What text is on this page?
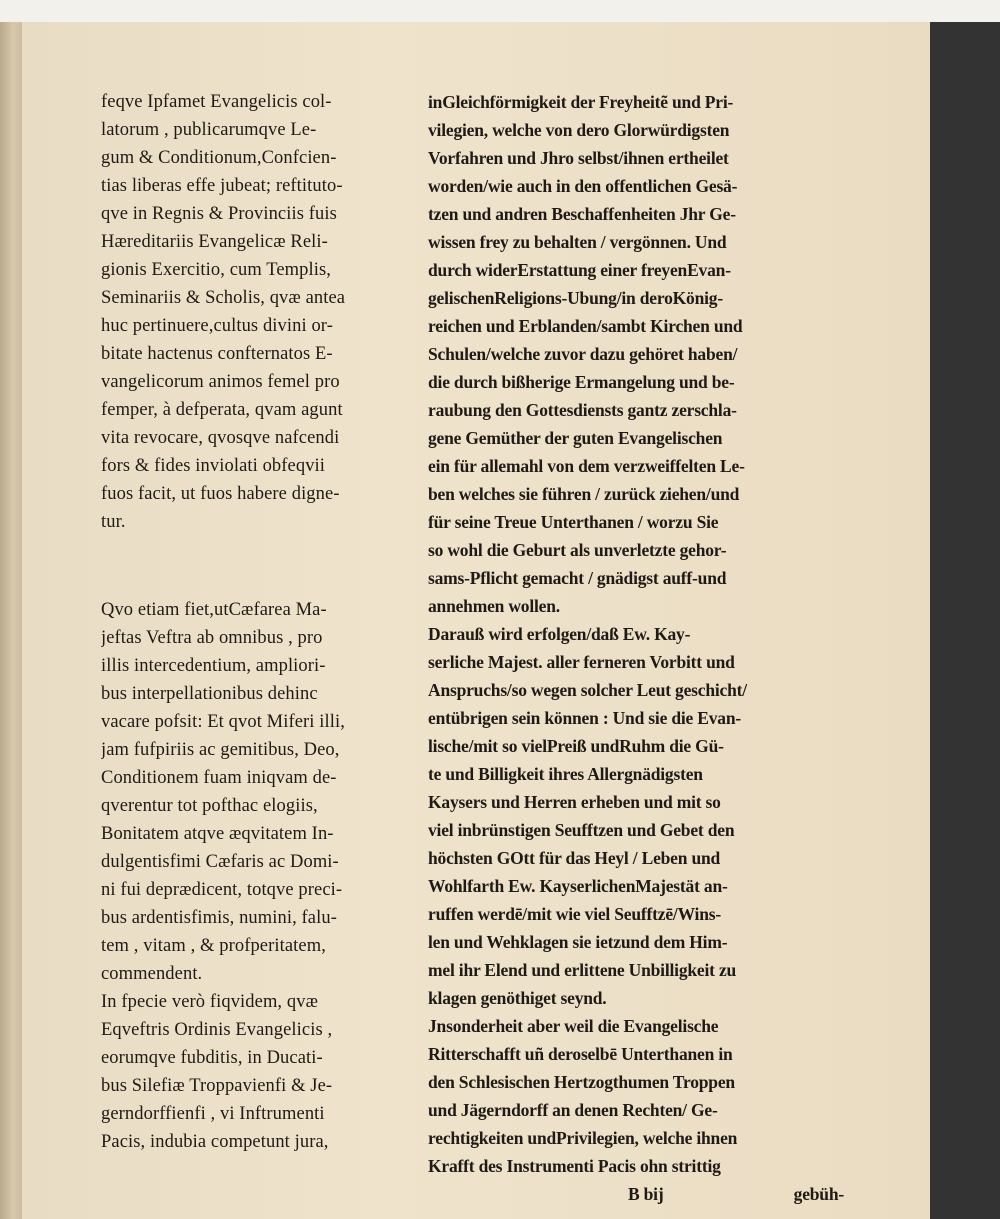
feqve Ipfamet Evangelicis col-
latorum , publicarumqve Le-
gum & Conditionum,Confcien-
tias liberas effe jubeat; reftituto-
qve in Regnis & Provinciis fuis
Hæreditariis Evangelicæ Reli-
gionis Exercitio, cum Templis,
Seminariis & Scholis, qvæ antea
huc pertinuere,cultus divini or-
bitate hactenus confternatos E-
vangelicorum animos femel pro
femper, à defperata, qvam agunt
vita revocare, qvosqve nafcendi
fors & fides inviolati obfeqvii
fuos facit, ut fuos habere digne-
tur.
Qvo etiam fiet,utCæfarea Ma-
jeftas Veftra ab omnibus , pro
illis intercedentium, ampliori-
bus interpellationibus dehinc
vacare pofsit: Et qvot Miferi illi,
jam fufpiriis ac gemitibus, Deo,
Conditionem fuam iniqvam de-
qverentur tot pofthac elogiis,
Bonitatem atqve æqvitatem In-
dulgentisfimi Cæfaris ac Domi-
ni fui deprædicent, totqve preci-
bus ardentisfimis, numini, falu-
tem , vitam , & profperitatem,
commendent.
In fpecie verò fiqvidem, qvæ
Eqveftris Ordinis Evangelicis ,
eorumqve fubditis, in Ducati-
bus Silefiæ Troppavienfi & Je-
gerndorffienfi , vi Inftrumenti
Pacis, indubia competunt jura,
inGleichförmigkeit der Freyheitẽ und Pri-
vilegien, welche von dero Glorwürdigsten
Vorfahren und Jhro selbst/ihnen ertheilet
worden/wie auch in den offentlichen Gesä-
tzen und andren Beschaffenheiten Jhr Ge-
wissen frey zu behalten / vergönnen. Und
durch widerErstattung einer freyenEvan-
gelischenReligions-Ubung/in deroKönig-
reichen und Erblanden/sambt Kirchen und
Schulen/welche zuvor dazu gehöret haben/
die durch bißherige Ermangelung und be-
raubung den Gottesdiensts gantz zerschla-
gene Gemüther der guten Evangelischen
ein für allemahl von dem verzweiffelten Le-
ben welches sie führen / zurück ziehen/und
für seine Treue Unterthanen / worzu Sie
so wohl die Geburt als unverletzte gehor-
sams-Pflicht gemacht / gnädigst auff-und
annehmen wollen.
Darauß wird erfolgen/daß Ew. Kay-
serliche Majest. aller ferneren Vorbitt und
Anspruchs/so wegen solcher Leut geschicht/
entübrigen sein können : Und sie die Evan-
lische/mit so vielPreiß undRuhm die Gü-
te und Billigkeit ihres Allergnädigsten
Kaysers und Herren erheben und mit so
viel inbrünstigen Seufftzen und Gebet den
höchsten GOtt für das Heyl / Leben und
Wohlfarth Ew. KayserlichenMajestät an-
ruffen werdē/mit wie viel Seufftzē/Wins-
len und Wehklagen sie ietzund dem Him-
mel ihr Elend und erlittene Unbilligkeit zu
klagen genöthiget seynd.
Jnsonderheit aber weil die Evangelische
Ritterschafft uñ deroselbē Unterthanen in
den Schlesischen Hertzogthumen Troppen
und Jägerndorff an denen Rechten/ Ge-
rechtigkeiten undPrivilegien, welche ihnen
Krafft des Instrumenti Pacis ohn strittig
B bij	gebüh-
